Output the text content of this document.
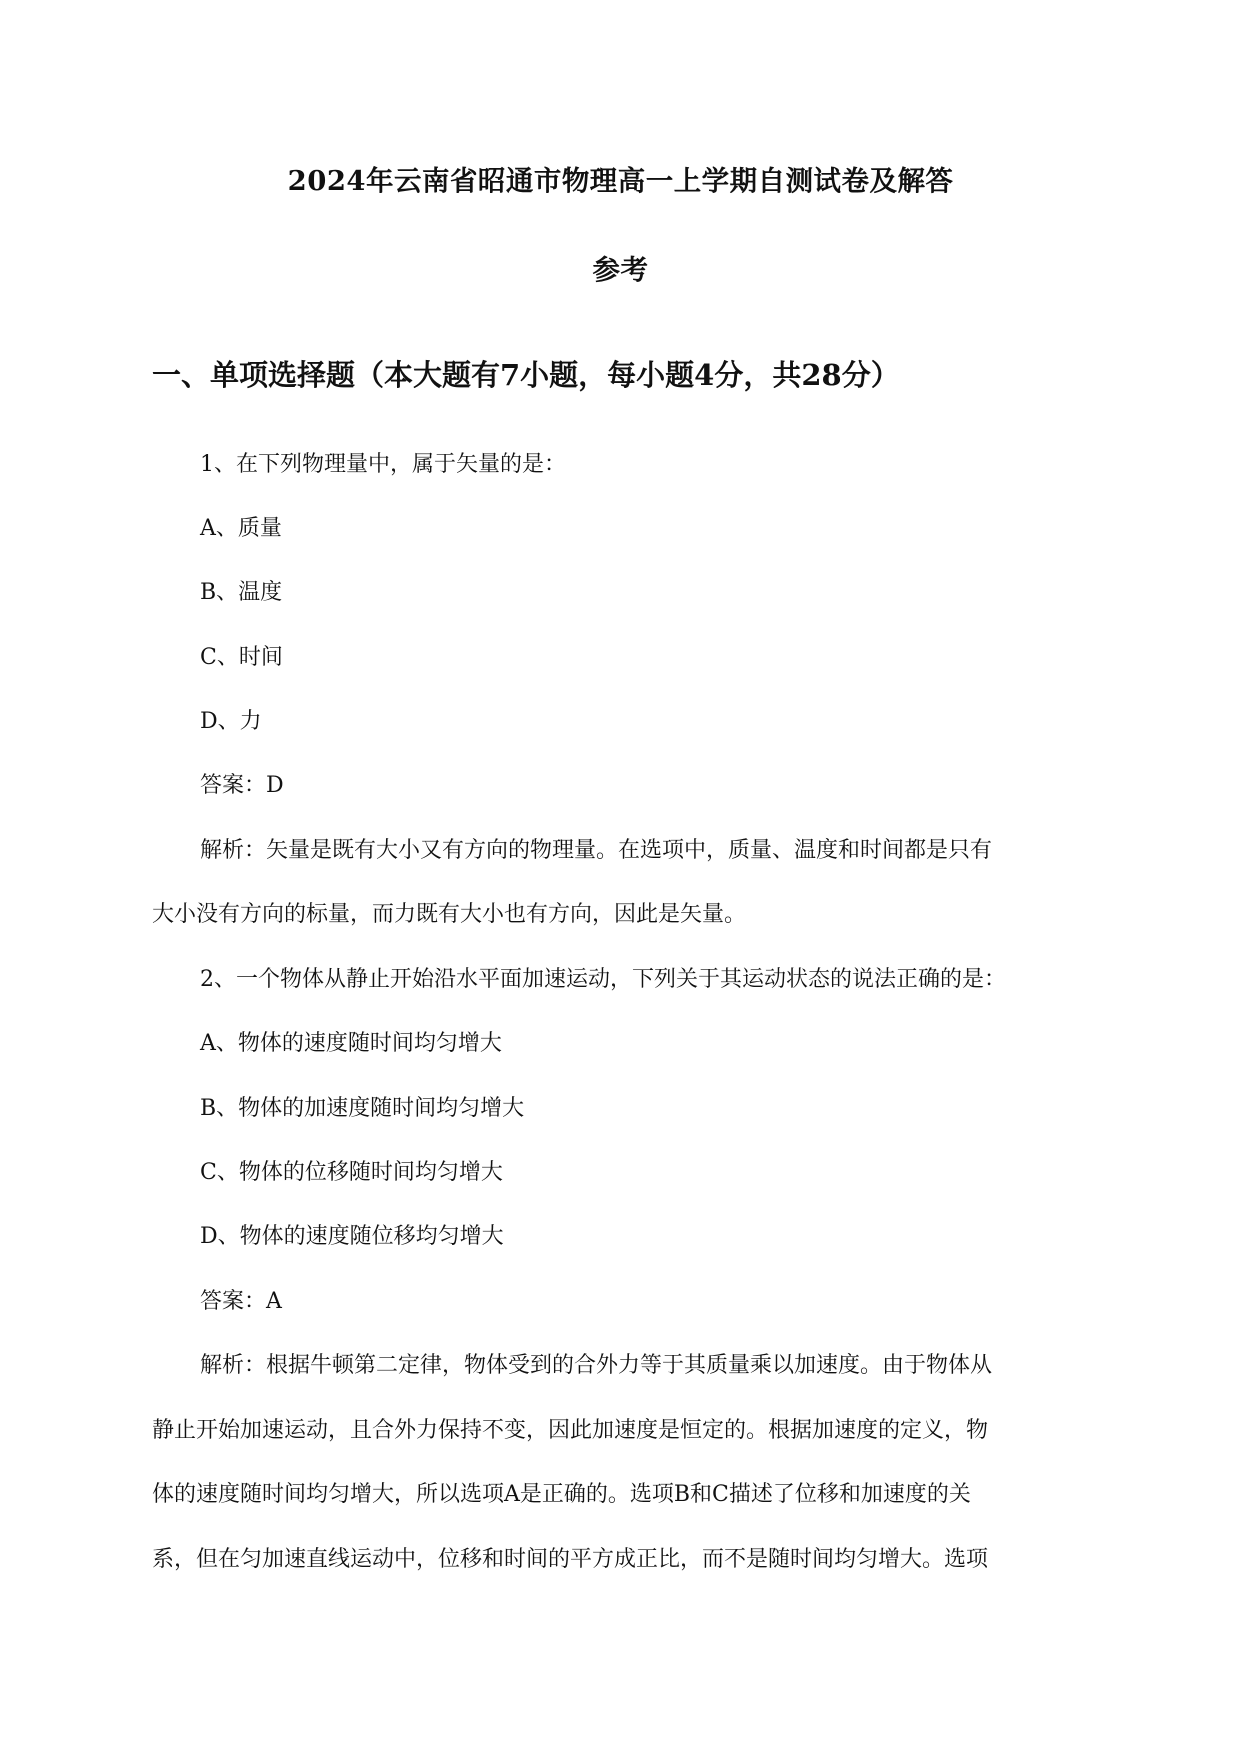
2024年云南省昭通市物理高一上学期自测试卷及解答
参考
一、单项选择题（本大题有7小题，每小题4分，共28分）
1、在下列物理量中，属于矢量的是：
A、质量
B、温度
C、时间
D、力
答案：D
解析：矢量是既有大小又有方向的物理量。在选项中，质量、温度和时间都是只有
大小没有方向的标量，而力既有大小也有方向，因此是矢量。
2、一个物体从静止开始沿水平面加速运动，下列关于其运动状态的说法正确的是：
A、物体的速度随时间均匀增大
B、物体的加速度随时间均匀增大
C、物体的位移随时间均匀增大
D、物体的速度随位移均匀增大
答案：A
解析：根据牛顿第二定律，物体受到的合外力等于其质量乘以加速度。由于物体从
静止开始加速运动，且合外力保持不变，因此加速度是恒定的。根据加速度的定义，物
体的速度随时间均匀增大，所以选项A是正确的。选项B和C描述了位移和加速度的关
系，但在匀加速直线运动中，位移和时间的平方成正比，而不是随时间均匀增大。选项
